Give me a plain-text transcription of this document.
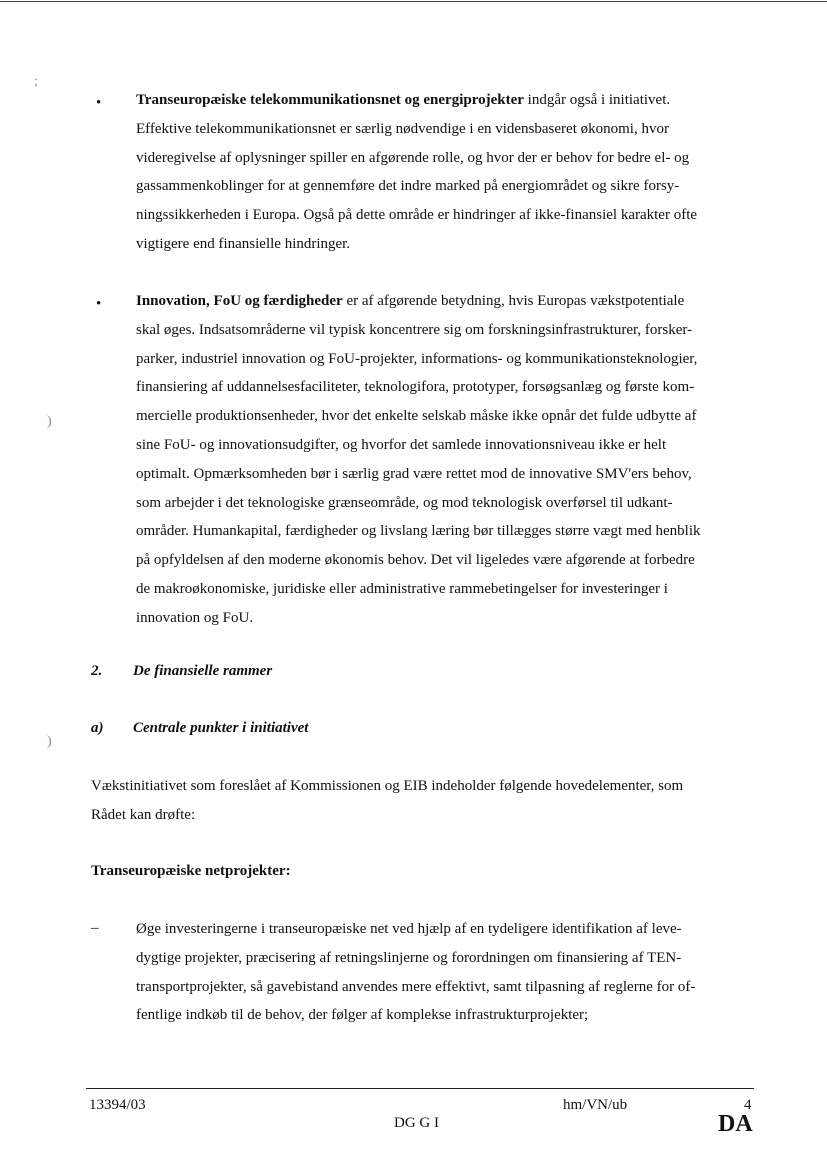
;
)
)
• Transeuropæiske telekommunikationsnet og energiprojekter indgår også i initiativet.
Effektive telekommunikationsnet er særlig nødvendige i en vidensbaseret økonomi, hvor
videregivelse af oplysninger spiller en afgørende rolle, og hvor der er behov for bedre el- og
gassammenkoblinger for at gennemføre det indre marked på energiområdet og sikre forsy-
ningssikkerheden i Europa. Også på dette område er hindringer af ikke-finansiel karakter ofte
vigtigere end finansielle hindringer.
• Innovation, FoU og færdigheder er af afgørende betydning, hvis Europas vækstpotentiale
skal øges. Indsatsområderne vil typisk koncentrere sig om forskningsinfrastrukturer, forsker-
parker, industriel innovation og FoU-projekter, informations- og kommunikationsteknologier,
finansiering af uddannelsesfaciliteter, teknologifora, prototyper, forsøgsanlæg og første kom-
mercielle produktionsenheder, hvor det enkelte selskab måske ikke opnår det fulde udbytte af
sine FoU- og innovationsudgifter, og hvorfor det samlede innovationsniveau ikke er helt
optimalt. Opmærksomheden bør i særlig grad være rettet mod de innovative SMV'ers behov,
som arbejder i det teknologiske grænseområde, og mod teknologisk overførsel til udkant-
områder. Humankapital, færdigheder og livslang læring bør tillægges større vægt med henblik
på opfyldelsen af den moderne økonomis behov. Det vil ligeledes være afgørende at forbedre
de makroøkonomiske, juridiske eller administrative rammebetingelser for investeringer i
innovation og FoU.
2. De finansielle rammer
a) Centrale punkter i initiativet
Vækstinitiativet som foreslået af Kommissionen og EIB indeholder følgende hovedelementer, som
Rådet kan drøfte:
Transeuropæiske netprojekter:
–	Øge investeringerne i transeuropæiske net ved hjælp af en tydeligere identifikation af leve-
dygtige projekter, præcisering af retningslinjerne og forordningen om finansiering af TEN-
transportprojekter, så gavebistand anvendes mere effektivt, samt tilpasning af reglerne for of-
fentlige indkøb til de behov, der følger af komplekse infrastrukturprojekter;
13394/03	hm/VN/ub	4
DG G I	DA
